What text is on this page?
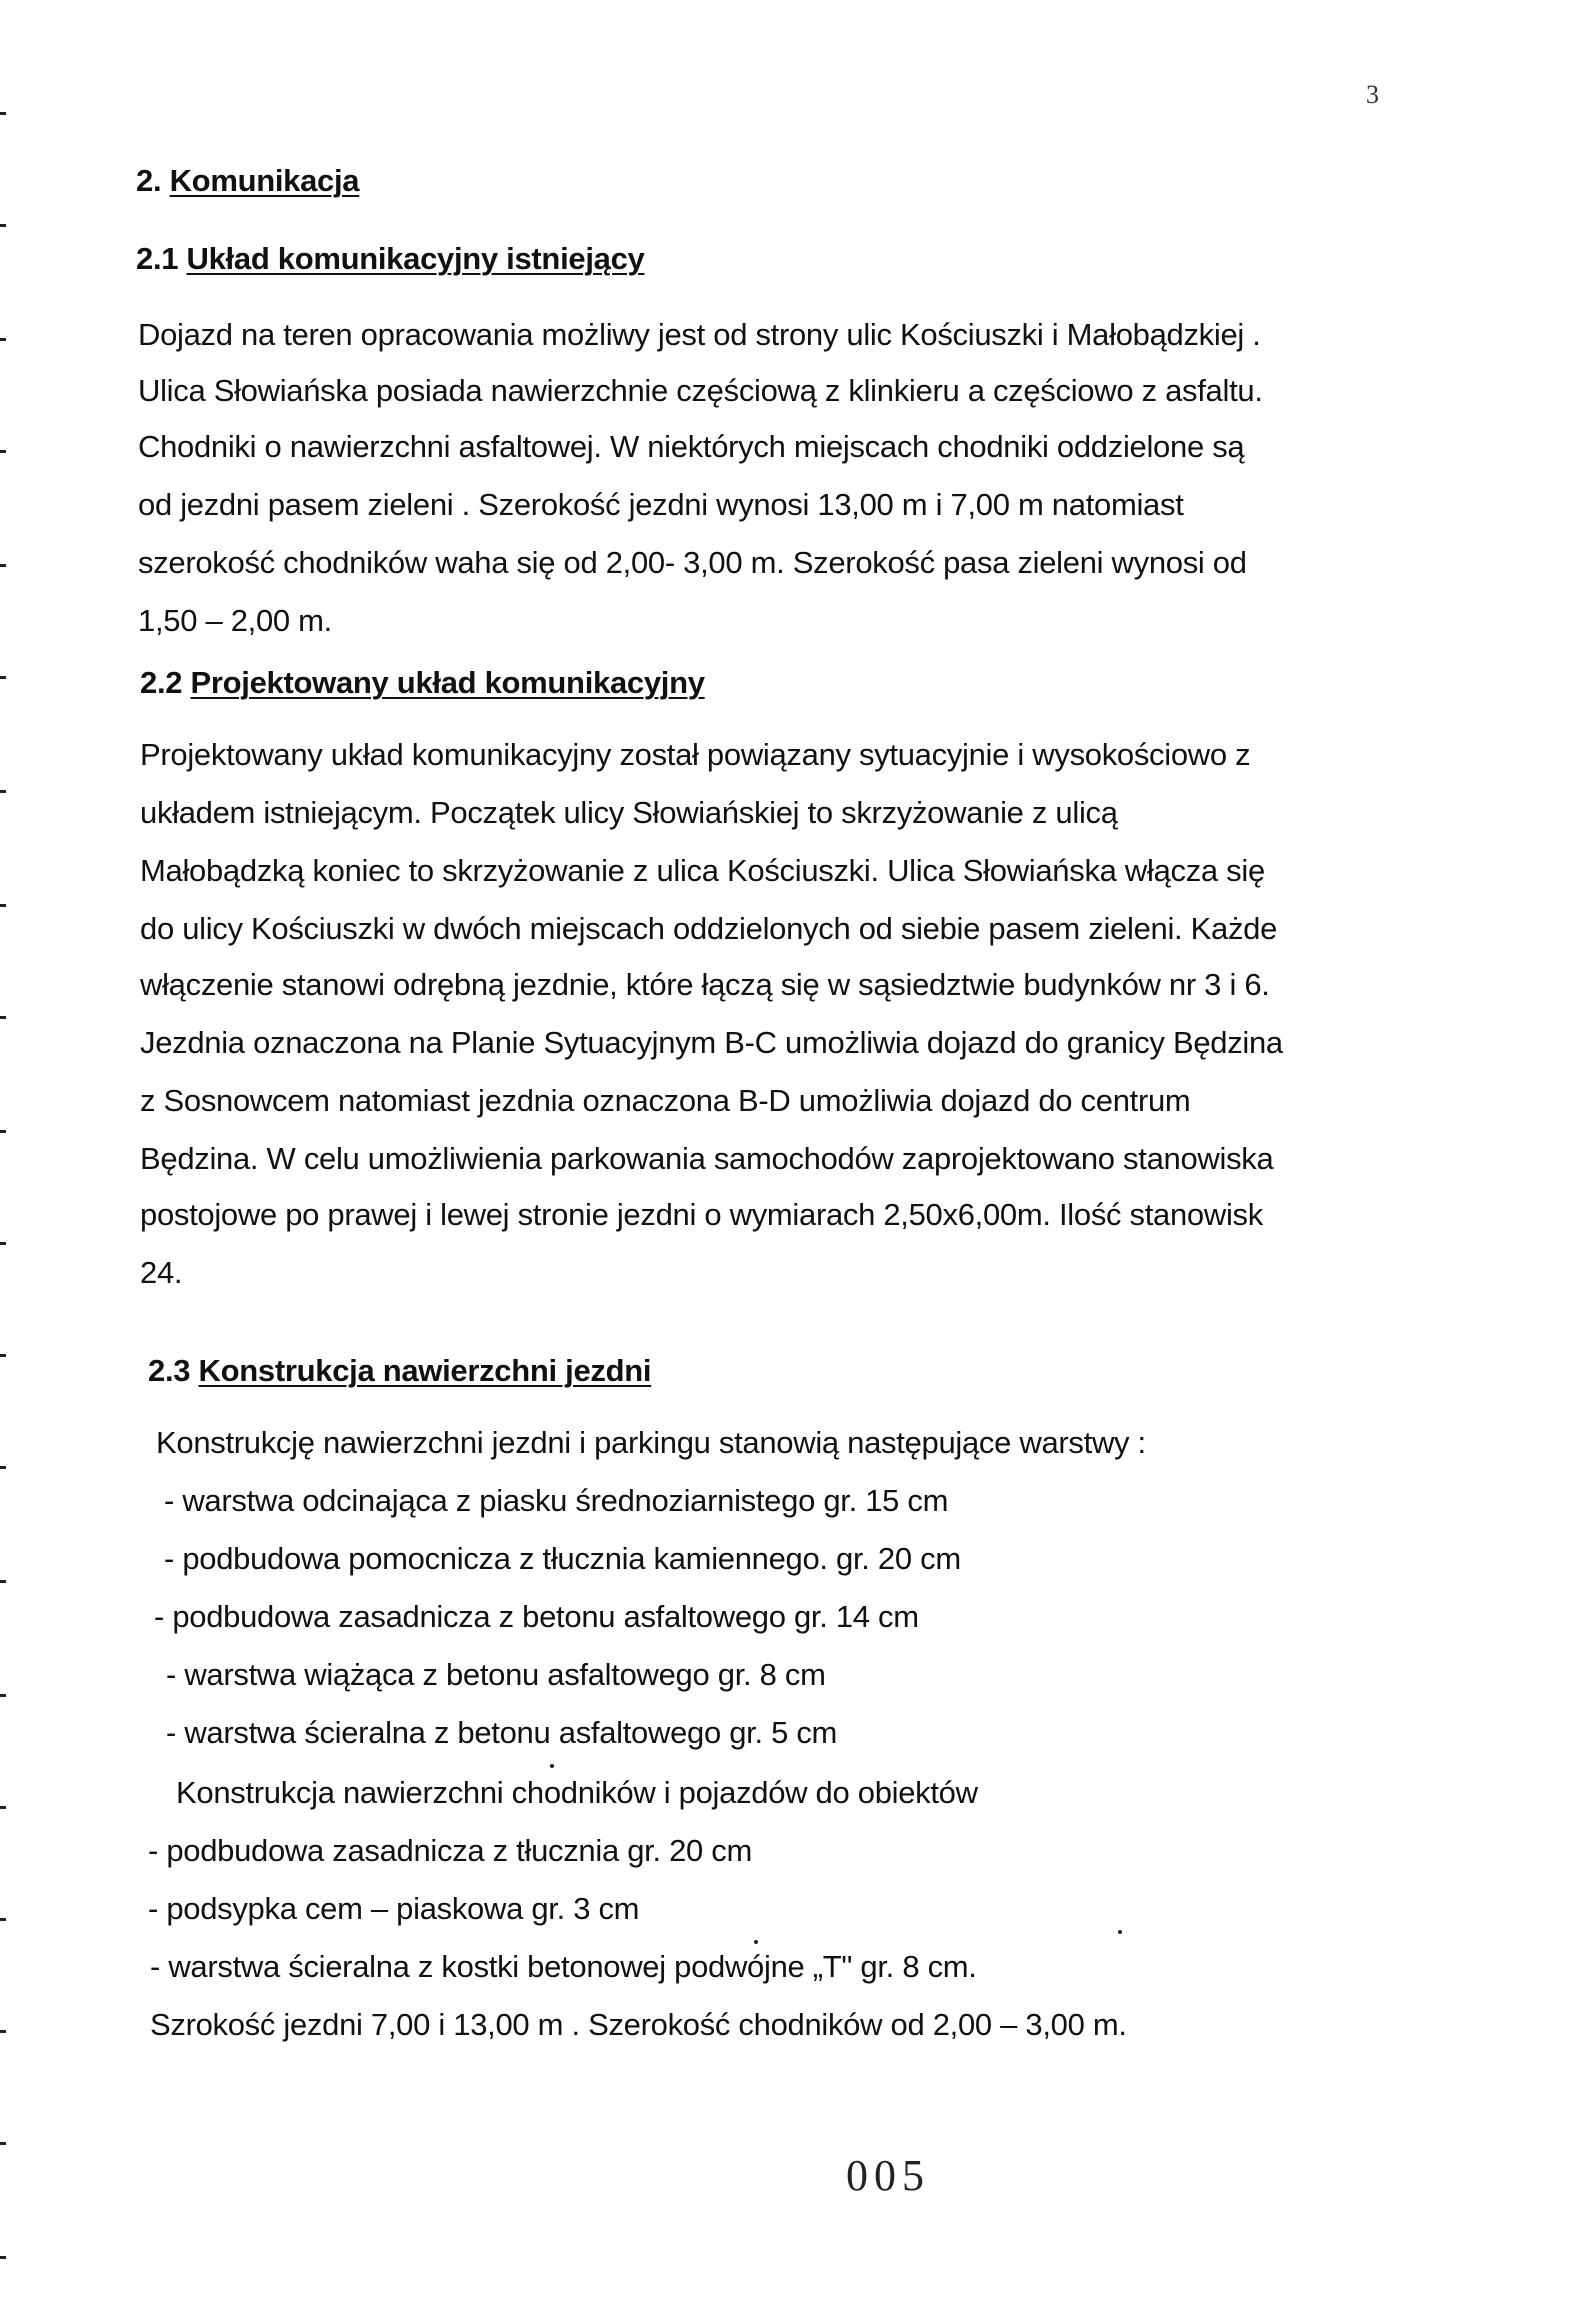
3
2. Komunikacja
2.1 Układ komunikacyjny istniejący
Dojazd na teren opracowania możliwy jest od strony ulic Kościuszki i Małobądzkiej .
Ulica Słowiańska posiada nawierzchnie częściową z klinkieru a częściowo z asfaltu.
Chodniki o nawierzchni asfaltowej. W niektórych miejscach chodniki oddzielone są
od jezdni pasem zieleni . Szerokość jezdni wynosi 13,00 m i 7,00 m natomiast
szerokość chodników waha się od 2,00- 3,00 m. Szerokość pasa zieleni wynosi od
1,50 – 2,00 m.
2.2 Projektowany układ komunikacyjny
Projektowany układ komunikacyjny został powiązany sytuacyjnie i wysokościowo z
układem istniejącym. Początek ulicy Słowiańskiej to skrzyżowanie z ulicą
Małobądzką koniec to skrzyżowanie z ulica Kościuszki. Ulica Słowiańska włącza się
do ulicy Kościuszki w dwóch miejscach oddzielonych od siebie pasem zieleni. Każde
włączenie stanowi odrębną jezdnie, które łączą się w sąsiedztwie budynków nr 3 i 6.
Jezdnia oznaczona na Planie Sytuacyjnym B-C umożliwia dojazd do granicy Będzina
z Sosnowcem natomiast jezdnia oznaczona B-D umożliwia dojazd do centrum
Będzina. W celu umożliwienia parkowania samochodów zaprojektowano stanowiska
postojowe po prawej i lewej stronie jezdni o wymiarach 2,50x6,00m. Ilość stanowisk
24.
2.3 Konstrukcja nawierzchni jezdni
Konstrukcję nawierzchni jezdni i parkingu stanowią następujące warstwy :
- warstwa odcinająca z piasku średnoziarnistego gr. 15 cm
- podbudowa pomocnicza z tłucznia kamiennego. gr. 20 cm
- podbudowa zasadnicza z betonu asfaltowego gr. 14 cm
- warstwa wiążąca z betonu asfaltowego gr. 8 cm
- warstwa ścieralna z betonu asfaltowego gr. 5 cm
Konstrukcja nawierzchni chodników i pojazdów do obiektów
- podbudowa zasadnicza z tłucznia gr. 20 cm
- podsypka cem – piaskowa gr. 3 cm
- warstwa ścieralna z kostki betonowej podwójne „T" gr. 8 cm.
Szrokość jezdni 7,00 i 13,00 m . Szerokość chodników od 2,00 – 3,00 m.
005
